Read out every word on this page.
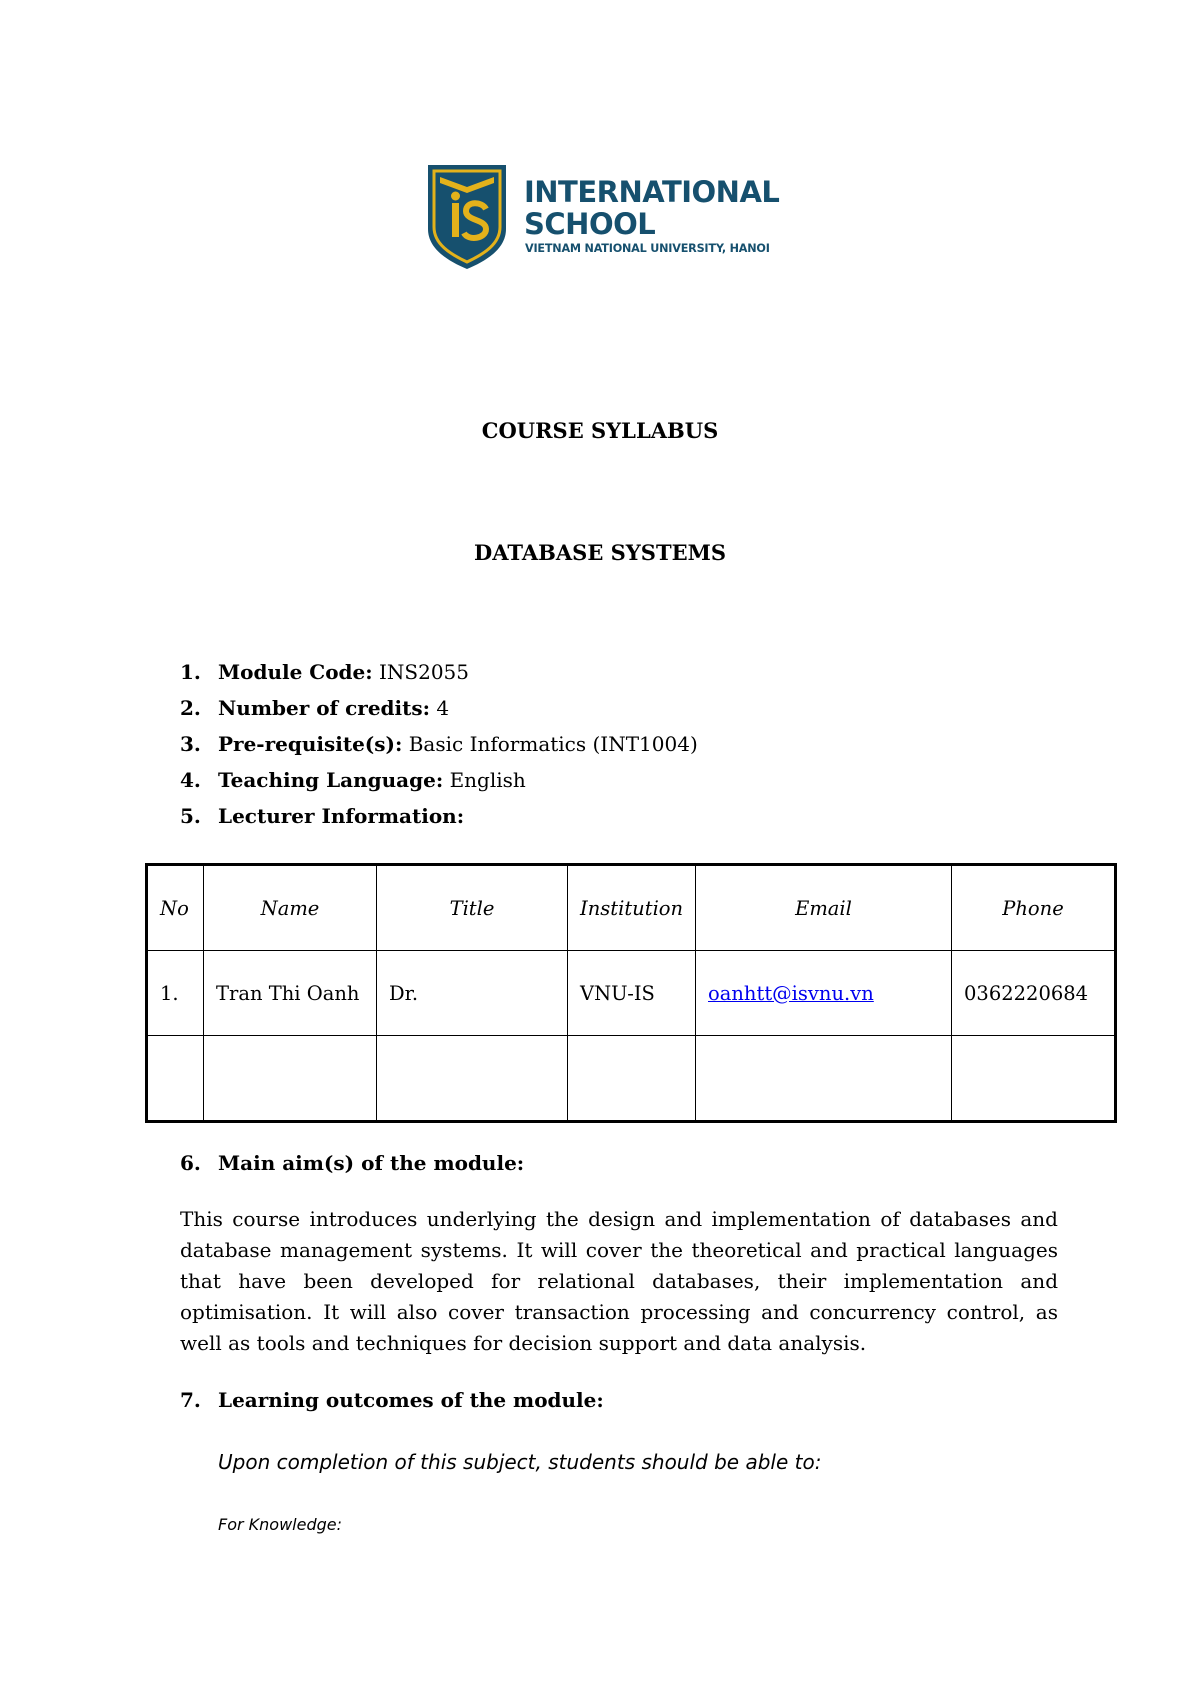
INTERNATIONAL
SCHOOL
VIETNAM NATIONAL UNIVERSITY, HANOI
COURSE SYLLABUS
DATABASE SYSTEMS
1. Module Code: INS2055
2. Number of credits: 4
3. Pre-requisite(s): Basic Informatics (INT1004)
4. Teaching Language: English
5. Lecturer Information:
No	Name	Title	Institution	Email	Phone
1.	Tran Thi Oanh	Dr.	VNU-IS	oanhtt@isvnu.vn	0362220684

6. Main aim(s) of the module:
This course introduces underlying the design and implementation of databases and database management systems. It will cover the theoretical and practical languages that have been developed for relational databases, their implementation and optimisation. It will also cover transaction processing and concurrency control, as well as tools and techniques for decision support and data analysis.
7. Learning outcomes of the module:
Upon completion of this subject, students should be able to:
For Knowledge:
